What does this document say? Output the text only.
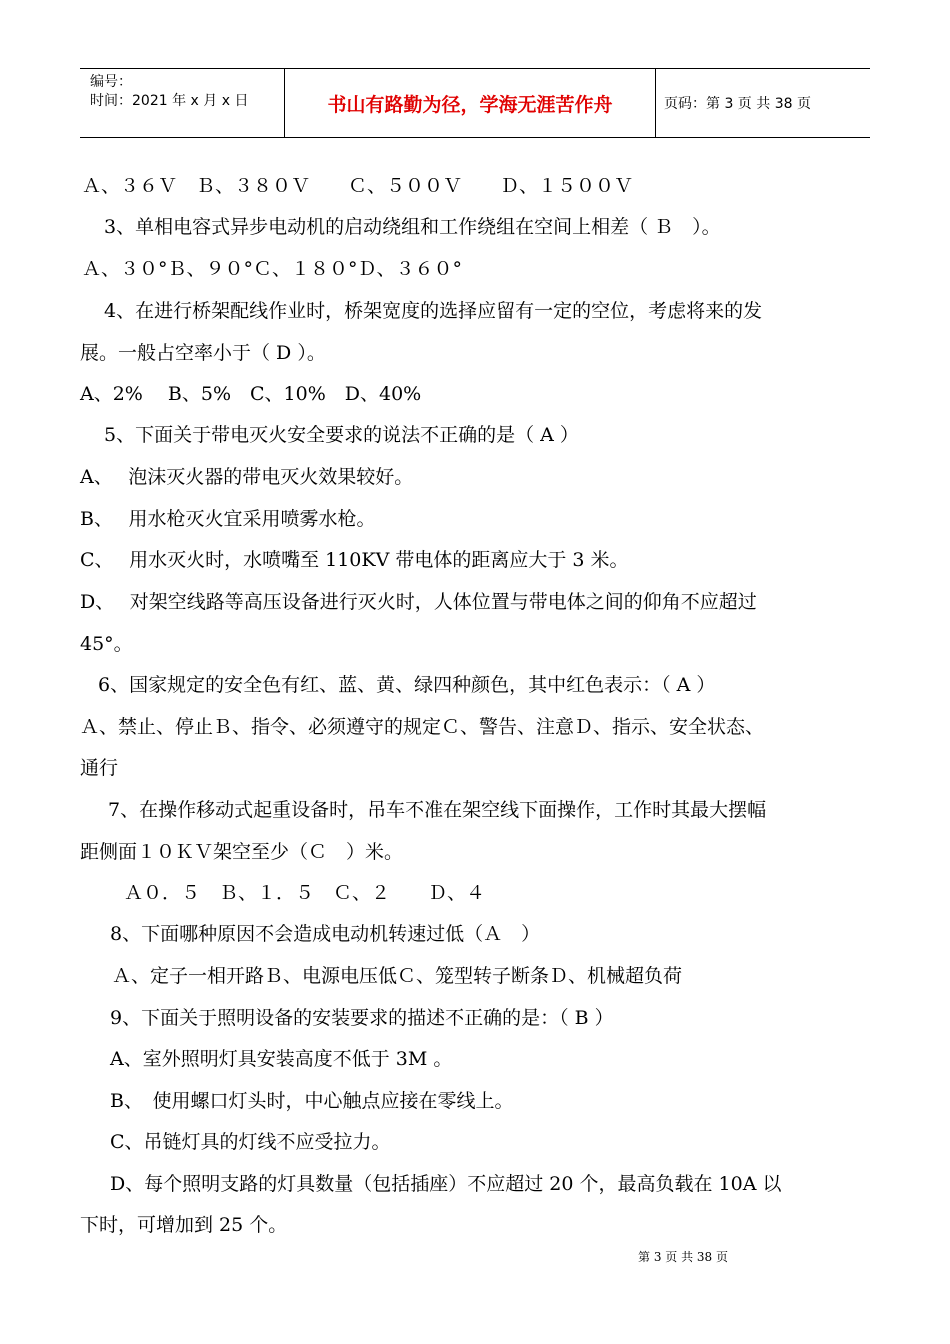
编号：
时间：2021 年 x 月 x 日	书山有路勤为径，学海无涯苦作舟	页码：第 3 页 共 38 页
Ａ、３６Ｖ　Ｂ、３８０Ｖ　　Ｃ、５００Ｖ　　Ｄ、１５００Ｖ
3、单相电容式异步电动机的启动绕组和工作绕组在空间上相差（ Ｂ　）。
Ａ、３０°Ｂ、９０°Ｃ、１８０°Ｄ、３６０°
4、在进行桥架配线作业时，桥架宽度的选择应留有一定的空位，考虑将来的发
展。一般占空率小于（ D ）。
A、2%　 B、5%　C、10%　D、40%
5、下面关于带电灭火安全要求的说法不正确的是（ A ）
A、　 泡沫灭火器的带电灭火效果较好。
B、　 用水枪灭火宜采用喷雾水枪。
C、　 用水灭火时，水喷嘴至 110KV 带电体的距离应大于 3 米。
D、　 对架空线路等高压设备进行灭火时，人体位置与带电体之间的仰角不应超过
45°。
6、国家规定的安全色有红、蓝、黄、绿四种颜色，其中红色表示：（ A ）
Ａ、禁止、停止Ｂ、指令、必须遵守的规定Ｃ、警告、注意Ｄ、指示、安全状态、
通行
7、在操作移动式起重设备时，吊车不准在架空线下面操作，工作时其最大摆幅
距侧面１０ＫＶ架空至少（Ｃ　）米。
Ａ０．５　Ｂ、１．５　Ｃ、２　　Ｄ、４
8、下面哪种原因不会造成电动机转速过低（Ａ　）
Ａ、定子一相开路Ｂ、电源电压低Ｃ、笼型转子断条Ｄ、机械超负荷
9、下面关于照明设备的安装要求的描述不正确的是：（ B ）
A、室外照明灯具安装高度不低于 3M 。
B、　使用螺口灯头时，中心触点应接在零线上。
C、吊链灯具的灯线不应受拉力。
D、每个照明支路的灯具数量（包括插座）不应超过 20 个，最高负载在 10A 以
下时，可增加到 25 个。
第 3 页 共 38 页
